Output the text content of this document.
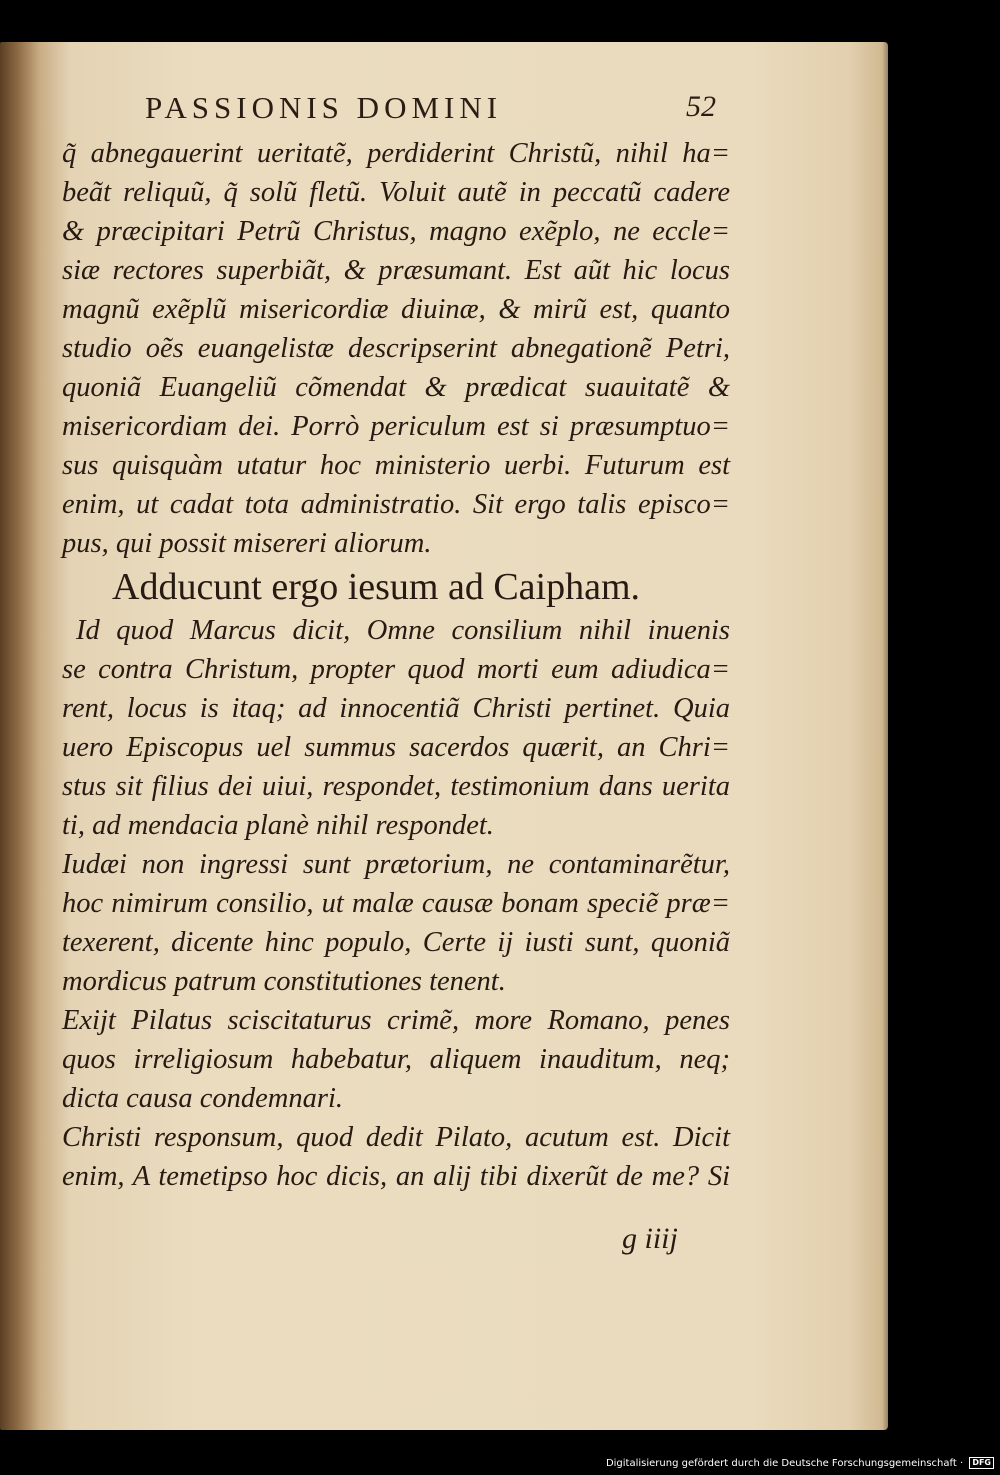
PASSIONIS DOMINI	52
q̃ abnegauerint ueritatẽ, perdiderint Christũ, nihil ha=
beãt reliquũ, q̃ solũ fletũ. Voluit autẽ in peccatũ cadere
& præcipitari Petrũ Christus, magno exẽplo, ne eccle=
siæ rectores superbiãt, & præsumant. Est aũt hic locus
magnũ exẽplũ misericordiæ diuinæ, & mirũ est, quanto
studio oẽs euangelistæ descripserint abnegationẽ Petri,
quoniã Euangeliũ cõmendat & prædicat suauitatẽ &
misericordiam dei. Porrò periculum est si præsumptuo=
sus quisquàm utatur hoc ministerio uerbi. Futurum est
enim, ut cadat tota administratio. Sit ergo talis episco=
pus, qui possit misereri aliorum.
Adducunt ergo iesum ad Caipham.
Id quod Marcus dicit, Omne consilium nihil inuenis
se contra Christum, propter quod morti eum adiudica=
rent, locus is itaq; ad innocentiã Christi pertinet. Quia
uero Episcopus uel summus sacerdos quærit, an Chri=
stus sit filius dei uiui, respondet, testimonium dans uerita
ti, ad mendacia planè nihil respondet.
Iudæi non ingressi sunt prætorium, ne contaminarẽtur,
hoc nimirum consilio, ut malæ causæ bonam speciẽ præ=
texerent, dicente hinc populo, Certe ij iusti sunt, quoniã
mordicus patrum constitutiones tenent.
Exijt Pilatus sciscitaturus crimẽ, more Romano, penes
quos irreligiosum habebatur, aliquem inauditum, neq;
dicta causa condemnari.
Christi responsum, quod dedit Pilato, acutum est. Dicit
enim, A temetipso hoc dicis, an alij tibi dixerũt de me? Si
g iiij
Digitalisierung gefördert durch die Deutsche Forschungsgemeinschaft · DFG
